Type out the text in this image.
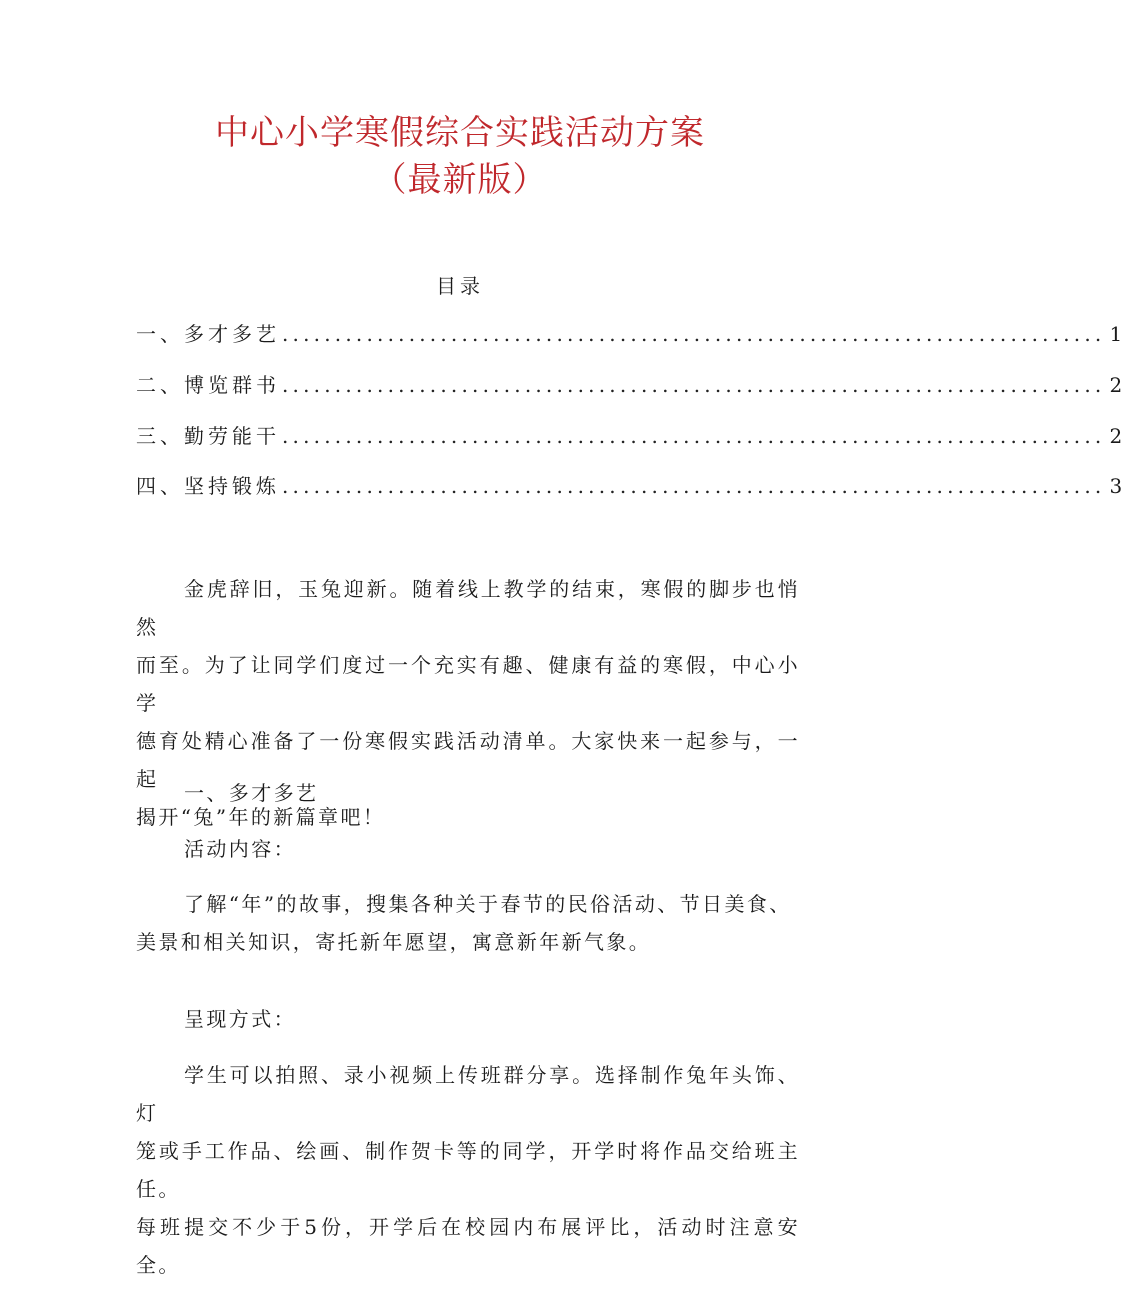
中心小学寒假综合实践活动方案
（最新版）
目录
一、多才多艺 .............................................................................. 1
二、博览群书 .............................................................................. 2
三、勤劳能干 .............................................................................. 2
四、坚持锻炼 .............................................................................. 3

金虎辞旧，玉兔迎新。随着线上教学的结束，寒假的脚步也悄然

而至。为了让同学们度过一个充实有趣、健康有益的寒假，中心小学

德育处精心准备了一份寒假实践活动清单。大家快来一起参与，一起

揭开“兔”年的新篇章吧！

一、多才多艺

活动内容：

了解“年”的故事，搜集各种关于春节的民俗活动、节日美食、

美景和相关知识，寄托新年愿望，寓意新年新气象。

呈现方式：

学生可以拍照、录小视频上传班群分享。选择制作兔年头饰、灯

笼或手工作品、绘画、制作贺卡等的同学，开学时将作品交给班主任。

每班提交不少于5份，开学后在校园内布展评比，活动时注意安全。
